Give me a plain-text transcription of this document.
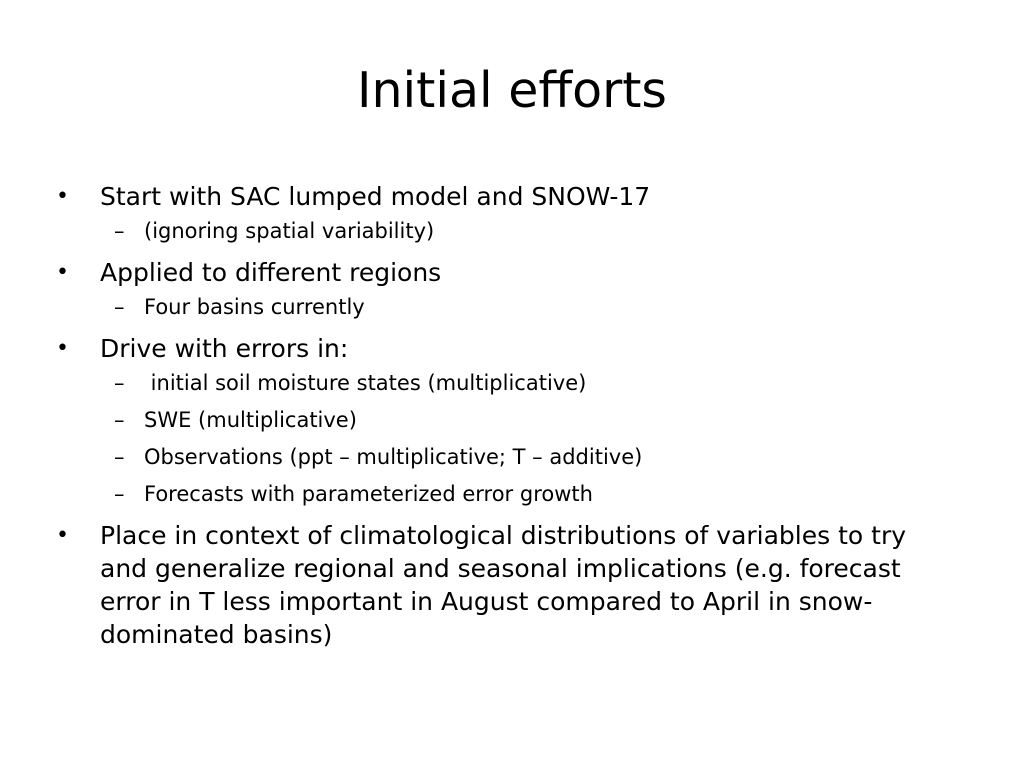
Initial efforts
•	Start with SAC lumped model and SNOW-17
– (ignoring spatial variability)
•	Applied to different regions
– Four basins currently
•	Drive with errors in:
– initial soil moisture states (multiplicative)
– SWE (multiplicative)
– Observations (ppt – multiplicative; T – additive)
– Forecasts with parameterized error growth
•	Place in context of climatological distributions of variables to try and generalize regional and seasonal implications (e.g. forecast error in T less important in August compared to April in snow-dominated basins)
